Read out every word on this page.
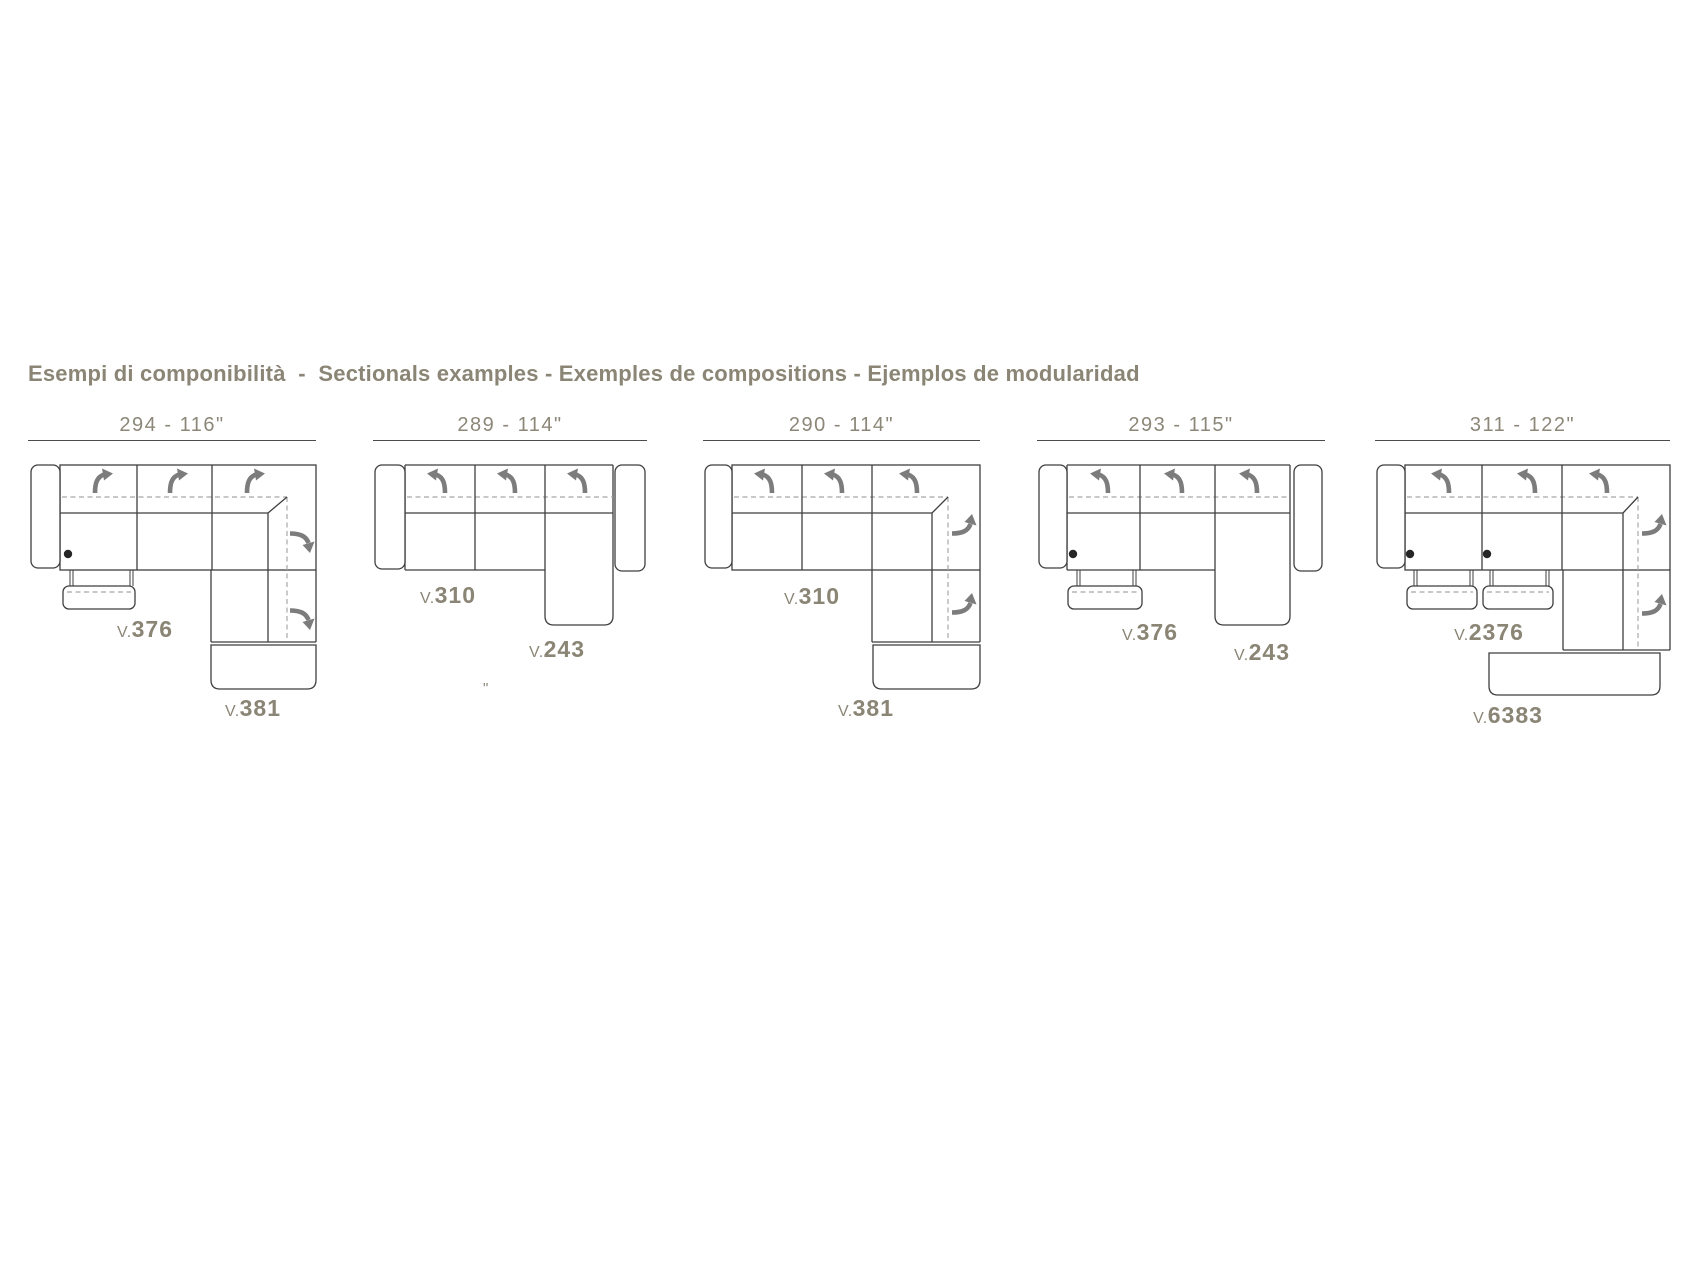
Esempi di componibilità  -  Sectionals examples - Exemples de compositions - Ejemplos de modularidad
294 - 116"	289 - 114"	290 - 114"	293 - 115"	311 - 122"
V.376
V.381
V.310
V.243
V.310
V.381
V.376
V.243
V.2376
V.6383
"
